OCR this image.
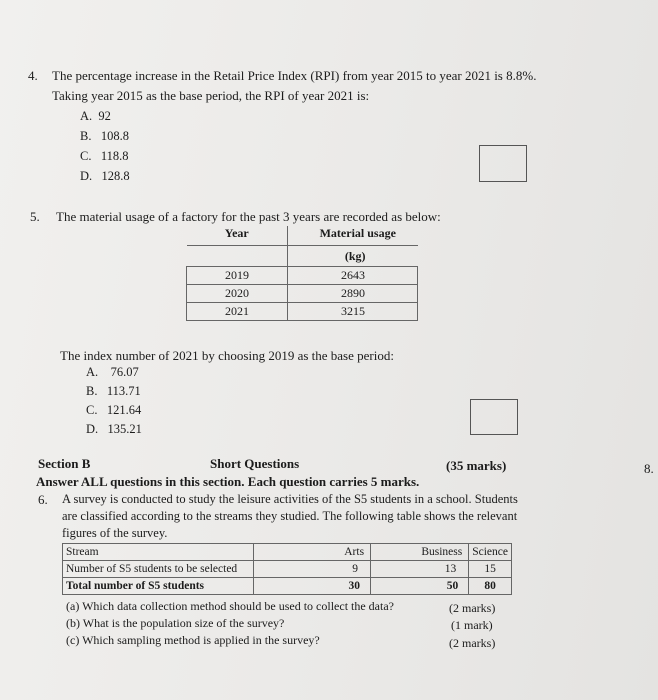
4. The percentage increase in the Retail Price Index (RPI) from year 2015 to year 2021 is 8.8%.
Taking year 2015 as the base period, the RPI of year 2021 is:
A. 92
B. 108.8
C. 118.8
D. 128.8
5. The material usage of a factory for the past 3 years are recorded as below:
Year	Material usage
	(kg)
2019	2643
2020	2890
2021	3215
The index number of 2021 by choosing 2019 as the base period:
A. 76.07
B. 113.71
C. 121.64
D. 135.21
Section B	Short Questions	(35 marks)	8.
Answer ALL questions in this section. Each question carries 5 marks.
6. A survey is conducted to study the leisure activities of the S5 students in a school. Students
are classified according to the streams they studied. The following table shows the relevant
figures of the survey.
Stream	Arts	Business	Science
Number of S5 students to be selected	9	13	15
Total number of S5 students	30	50	80
(a) Which data collection method should be used to collect the data?	(2 marks)
(b) What is the population size of the survey?	(1 mark)
(c) Which sampling method is applied in the survey?	(2 marks)
